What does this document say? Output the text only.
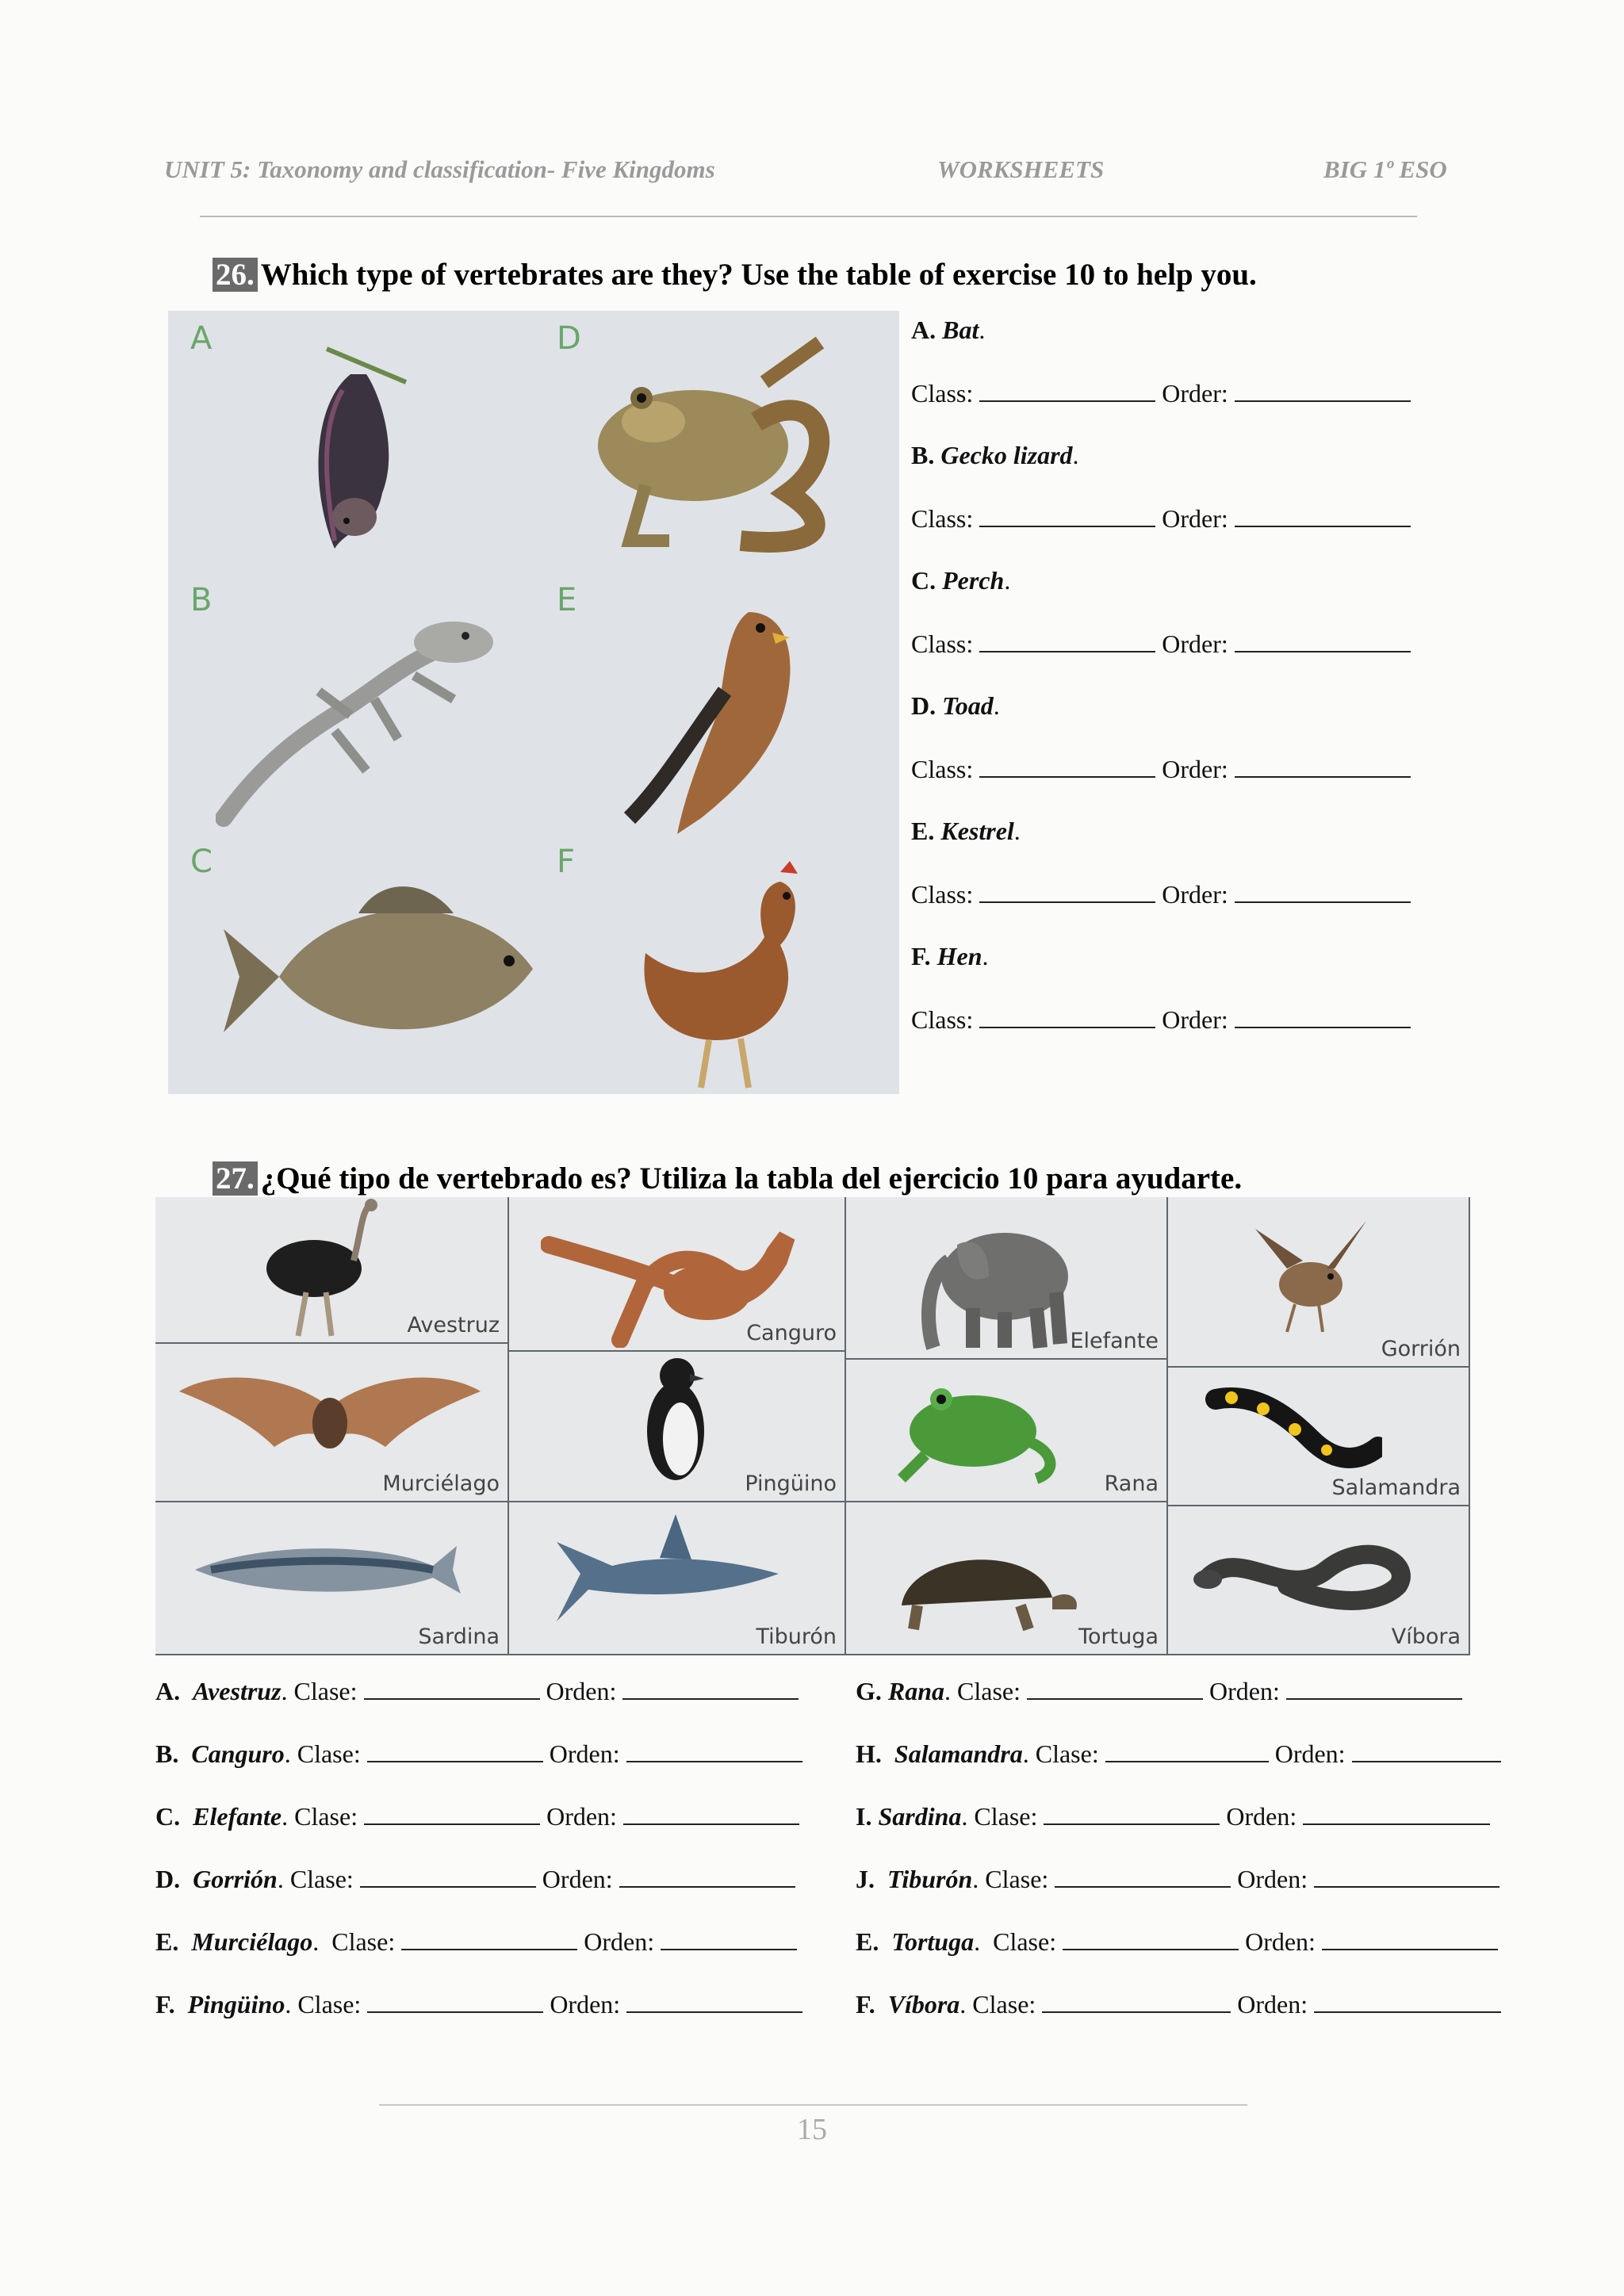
UNIT 5: Taxonomy and classification- Five Kingdoms	WORKSHEETS	BIG 1º ESO
26. Which type of vertebrates are they? Use the table of exercise 10 to help you.
A	D
B	E
C	F
A. Bat.
Class:	Order:
B. Gecko lizard.
Class:	Order:
C. Perch.
Class:	Order:
D. Toad.
Class:	Order:
E. Kestrel.
Class:	Order:
F. Hen.
Class:	Order:
27. ¿Qué tipo de vertebrado es? Utiliza la tabla del ejercicio 10 para ayudarte.
Avestruz	Canguro	Elefante	Gorrión
Murciélago	Pingüino	Rana	Salamandra
Sardina	Tiburón	Tortuga	Víbora
A. Avestruz. Clase:	Orden:
B. Canguro. Clase:	Orden:
C. Elefante. Clase:	Orden:
D. Gorrión. Clase:	Orden:
E. Murciélago.  Clase:	Orden:
F. Pingüino. Clase:	Orden:
G. Rana. Clase:	Orden:
H. Salamandra. Clase:	Orden:
I. Sardina. Clase:	Orden:
J. Tiburón. Clase:	Orden:
E. Tortuga.  Clase:	Orden:
F. Víbora. Clase:	Orden:
15
